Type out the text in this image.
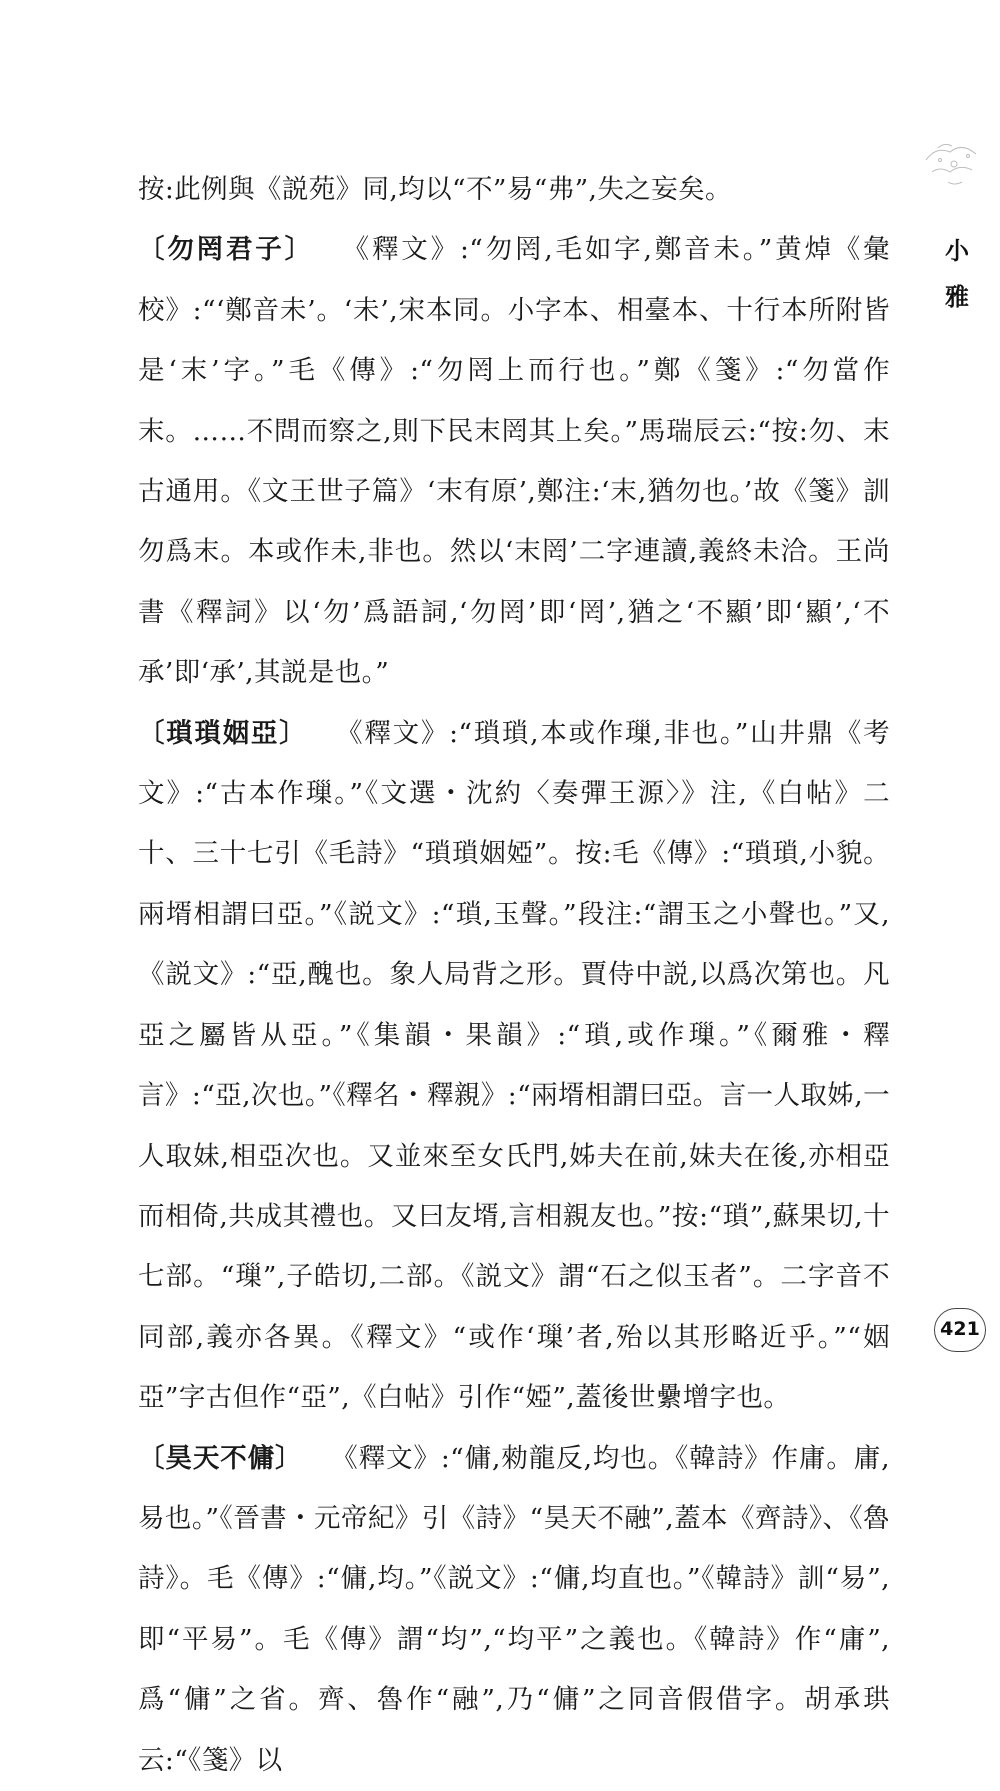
小
雅

按:此例與《説苑》同,均以“不”易“弗”,失之妄矣。

〔勿罔君子〕 《釋文》:“勿罔,毛如字,鄭音未。”黄焯《彙校》:“‘鄭音未’。‘未’,宋本同。小字本、相臺本、十行本所附皆是‘末’字。”毛《傳》:“勿罔上而行也。”鄭《箋》:“勿當作末。……不問而察之,則下民末罔其上矣。”馬瑞辰云:“按:勿、末古通用。《文王世子篇》‘末有原’,鄭注:‘末,猶勿也。’故《箋》訓勿爲末。本或作未,非也。然以‘末罔’二字連讀,義終未洽。王尚書《釋詞》以‘勿’爲語詞,‘勿罔’即‘罔’,猶之‘不顯’即‘顯’,‘不承’即‘承’,其説是也。”

〔瑣瑣姻亞〕 《釋文》:“瑣瑣,本或作璅,非也。”山井鼎《考文》:“古本作璅。”《文選・沈約〈奏彈王源〉》注,《白帖》二十、三十七引《毛詩》“瑣瑣姻婭”。按:毛《傳》:“瑣瑣,小貌。兩壻相謂曰亞。”《説文》:“瑣,玉聲。”段注:“謂玉之小聲也。”又,《説文》:“亞,醜也。象人局背之形。賈侍中説,以爲次第也。凡亞之屬皆从亞。”《集韻・果韻》:“瑣,或作璅。”《爾雅・釋言》:“亞,次也。”《釋名・釋親》:“兩壻相謂曰亞。言一人取姊,一人取妹,相亞次也。又並來至女氏門,姊夫在前,妹夫在後,亦相亞而相倚,共成其禮也。又曰友壻,言相親友也。”按:“瑣”,蘇果切,十七部。“璅”,子皓切,二部。《説文》謂“石之似玉者”。二字音不同部,義亦各異。《釋文》“或作‘璅’者,殆以其形略近乎。”“姻亞”字古但作“亞”,《白帖》引作“婭”,蓋後世纍增字也。

〔昊天不傭〕 《釋文》:“傭,勑龍反,均也。《韓詩》作庸。庸,易也。”《晉書・元帝紀》引《詩》“昊天不融”,蓋本《齊詩》、《魯詩》。毛《傳》:“傭,均。”《説文》:“傭,均直也。”《韓詩》訓“易”,即“平易”。毛《傳》謂“均”,“均平”之義也。《韓詩》作“庸”,爲“傭”之省。齊、魯作“融”,乃“傭”之同音假借字。胡承珙云:“《箋》以

421
